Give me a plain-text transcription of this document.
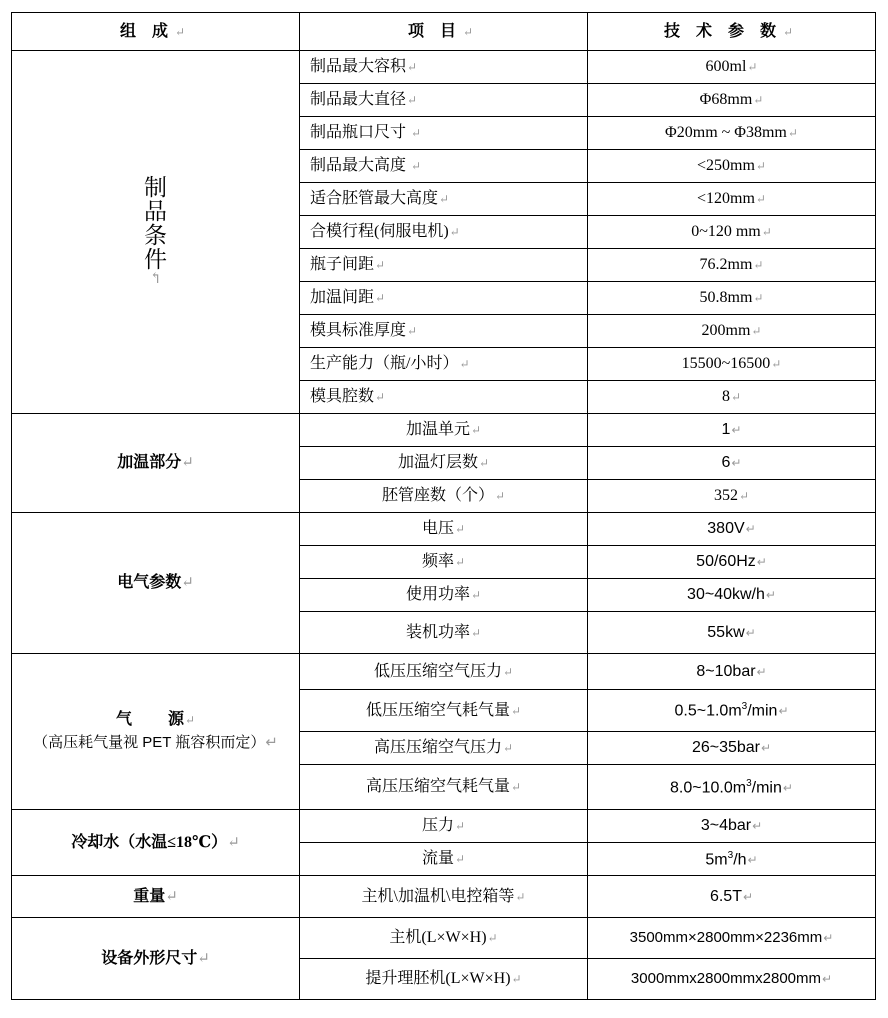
组 成↵	项 目↵	技 术 参 数↵

制
品
条
件
↰	制品最大容积↵	600ml↵
	制品最大直径↵	Φ68mm↵
	制品瓶口尺寸 ↵	Φ20mm ~ Φ38mm↵
	制品最大高度 ↵	<250mm↵
	适合胚管最大高度↵	<120mm↵
	合模行程(伺服电机)↵	0~120 mm↵
	瓶子间距↵	76.2mm↵
	加温间距↵	50.8mm↵
	模具标准厚度↵	200mm↵
	生产能力（瓶/小时）↵	15500~16500↵
	模具腔数↵	8↵
加温部分↵	加温单元↵	1↵
	加温灯层数↵	6↵
	胚管座数（个）↵	352↵
电气参数↵	电压↵	380V↵
	频率↵	50/60Hz↵
	使用功率↵	30~40kw/h↵
	装机功率↵	55kw↵
气 源↵
（高压耗气量视 PET 瓶容积而定）↵	低压压缩空气压力↵	8~10bar↵
	低压压缩空气耗气量↵	$0.5\sim 1.0m^3/\min↵$
	高压压缩空气压力↵	26~35bar↵
	高压压缩空气耗气量↵	$8.0\sim 10.0m^3/\min↵$
冷却水（水温≤18℃）↵	压力↵	3~4bar↵
	流量↵	$5m^3/h↵$
重量↵	主机\加温机\电控箱等↵	6.5T↵
设备外形尺寸↵	主机(L×W×H)↵	3500mm×2800mm×2236mm↵
	提升理胚机(L×W×H)↵	3000mmx2800mmx2800mm↵
